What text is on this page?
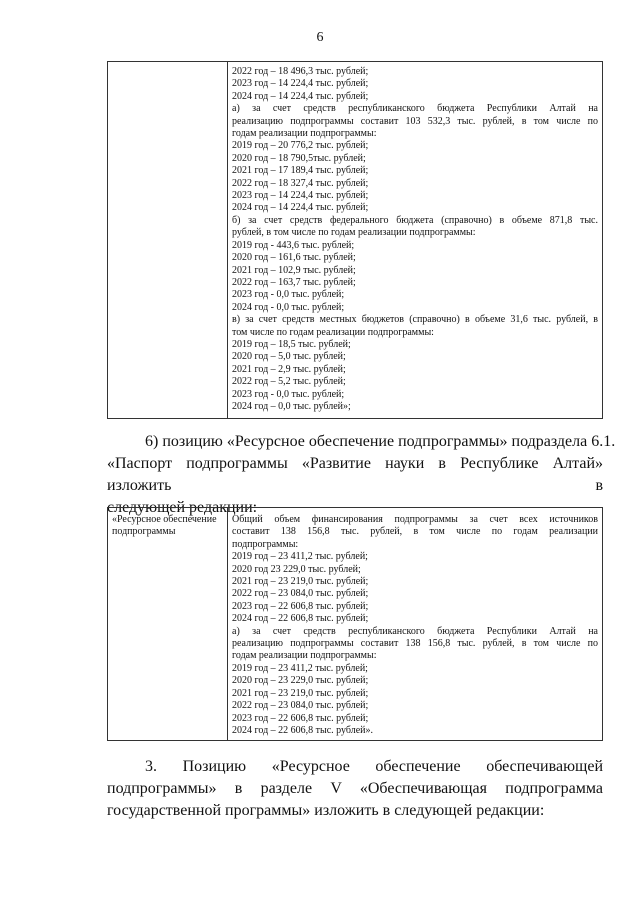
6
2022 год – 18 496,3 тыс. рублей;
2023 год – 14 224,4 тыс. рублей;
2024 год – 14 224,4 тыс. рублей;
а) за счет средств республиканского бюджета Республики Алтай на
реализацию подпрограммы составит 103 532,3 тыс. рублей, в том числе по
годам реализации подпрограммы:
2019 год – 20 776,2 тыс. рублей;
2020 год – 18 790,5тыс. рублей;
2021 год – 17 189,4 тыс. рублей;
2022 год – 18 327,4 тыс. рублей;
2023 год – 14 224,4 тыс. рублей;
2024 год – 14 224,4 тыс. рублей;
б) за счет средств федерального бюджета (справочно) в объеме 871,8 тыс.
рублей, в том числе по годам реализации подпрограммы:
2019 год - 443,6 тыс. рублей;
2020 год – 161,6 тыс. рублей;
2021 год – 102,9 тыс. рублей;
2022 год – 163,7 тыс. рублей;
2023 год - 0,0 тыс. рублей;
2024 год - 0,0 тыс. рублей;
в) за счет средств местных бюджетов (справочно) в объеме 31,6 тыс. рублей, в
том числе по годам реализации подпрограммы:
2019 год – 18,5 тыс. рублей;
2020 год – 5,0 тыс. рублей;
2021 год – 2,9 тыс. рублей;
2022 год – 5,2 тыс. рублей;
2023 год - 0,0 тыс. рублей;
2024 год – 0,0 тыс. рублей»;
6) позицию «Ресурсное обеспечение подпрограммы» подраздела 6.1.
«Паспорт подпрограммы «Развитие науки в Республике Алтай» изложить в
следующей редакции:
«Ресурсное обеспечение
подпрограммы
Общий объем финансирования подпрограммы за счет всех источников
составит 138 156,8 тыс. рублей, в том числе по годам реализации
подпрограммы:
2019 год – 23 411,2 тыс. рублей;
2020 год 23 229,0 тыс. рублей;
2021 год – 23 219,0 тыс. рублей;
2022 год – 23 084,0 тыс. рублей;
2023 год – 22 606,8 тыс. рублей;
2024 год – 22 606,8 тыс. рублей;
а) за счет средств республиканского бюджета Республики Алтай на
реализацию подпрограммы составит 138 156,8 тыс. рублей, в том числе по
годам реализации подпрограммы:
2019 год – 23 411,2 тыс. рублей;
2020 год – 23 229,0 тыс. рублей;
2021 год – 23 219,0 тыс. рублей;
2022 год – 23 084,0 тыс. рублей;
2023 год – 22 606,8 тыс. рублей;
2024 год – 22 606,8 тыс. рублей».
3. Позицию «Ресурсное обеспечение обеспечивающей
подпрограммы» в разделе V «Обеспечивающая подпрограмма
государственной программы» изложить в следующей редакции:
